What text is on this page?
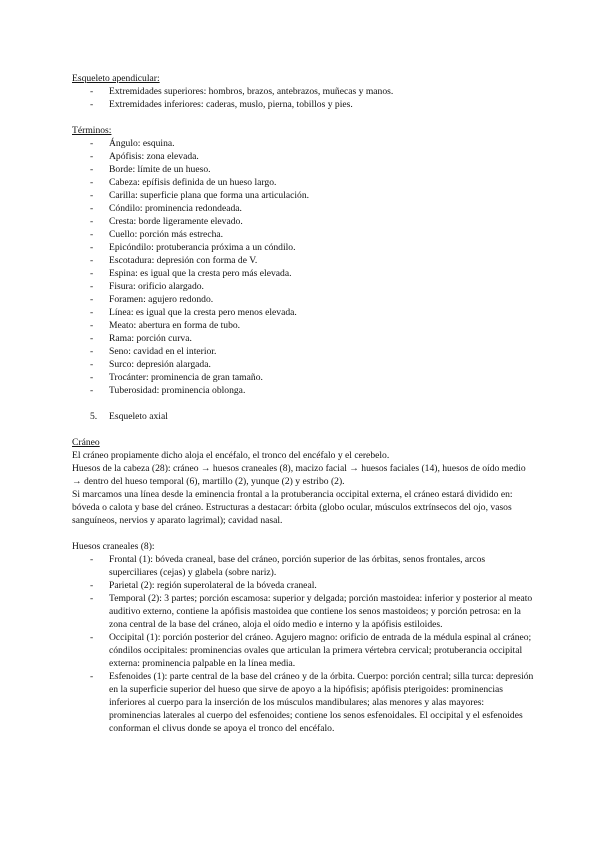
Esqueleto apendicular:
- Extremidades superiores: hombros, brazos, antebrazos, muñecas y manos.
- Extremidades inferiores: caderas, muslo, pierna, tobillos y pies.
Términos:
- Ángulo: esquina.
- Apófisis: zona elevada.
- Borde: límite de un hueso.
- Cabeza: epífisis definida de un hueso largo.
- Carilla: superficie plana que forma una articulación.
- Cóndilo: prominencia redondeada.
- Cresta: borde ligeramente elevado.
- Cuello: porción más estrecha.
- Epicóndilo: protuberancia próxima a un cóndilo.
- Escotadura: depresión con forma de V.
- Espina: es igual que la cresta pero más elevada.
- Fisura: orificio alargado.
- Foramen: agujero redondo.
- Línea: es igual que la cresta pero menos elevada.
- Meato: abertura en forma de tubo.
- Rama: porción curva.
- Seno: cavidad en el interior.
- Surco: depresión alargada.
- Trocánter: prominencia de gran tamaño.
- Tuberosidad: prominencia oblonga.
5. Esqueleto axial
Cráneo

El cráneo propiamente dicho aloja el encéfalo, el tronco del encéfalo y el cerebelo.

Huesos de la cabeza (28): cráneo → huesos craneales (8), macizo facial → huesos faciales (14), huesos de oído medio → dentro del hueso temporal (6), martillo (2), yunque (2) y estribo (2).

Si marcamos una línea desde la eminencia frontal a la protuberancia occipital externa, el cráneo estará dividido en: bóveda o calota y base del cráneo. Estructuras a destacar: órbita (globo ocular, músculos extrínsecos del ojo, vasos sanguíneos, nervios y aparato lagrimal); cavidad nasal.

Huesos craneales (8):
- Frontal (1): bóveda craneal, base del cráneo, porción superior de las órbitas, senos frontales, arcos superciliares (cejas) y glabela (sobre nariz).
- Parietal (2): región superolateral de la bóveda craneal.
- Temporal (2): 3 partes; porción escamosa: superior y delgada; porción mastoidea: inferior y posterior al meato auditivo externo, contiene la apófisis mastoidea que contiene los senos mastoideos; y porción petrosa: en la zona central de la base del cráneo, aloja el oído medio e interno y la apófisis estiloides.
- Occipital (1): porción posterior del cráneo. Agujero magno: orificio de entrada de la médula espinal al cráneo; cóndilos occipitales: prominencias ovales que articulan la primera vértebra cervical; protuberancia occipital externa: prominencia palpable en la línea media.
- Esfenoides (1): parte central de la base del cráneo y de la órbita. Cuerpo: porción central; silla turca: depresión en la superficie superior del hueso que sirve de apoyo a la hipófisis; apófisis pterigoides: prominencias inferiores al cuerpo para la inserción de los músculos mandibulares; alas menores y alas mayores: prominencias laterales al cuerpo del esfenoides; contiene los senos esfenoidales. El occipital y el esfenoides conforman el clivus donde se apoya el tronco del encéfalo.
